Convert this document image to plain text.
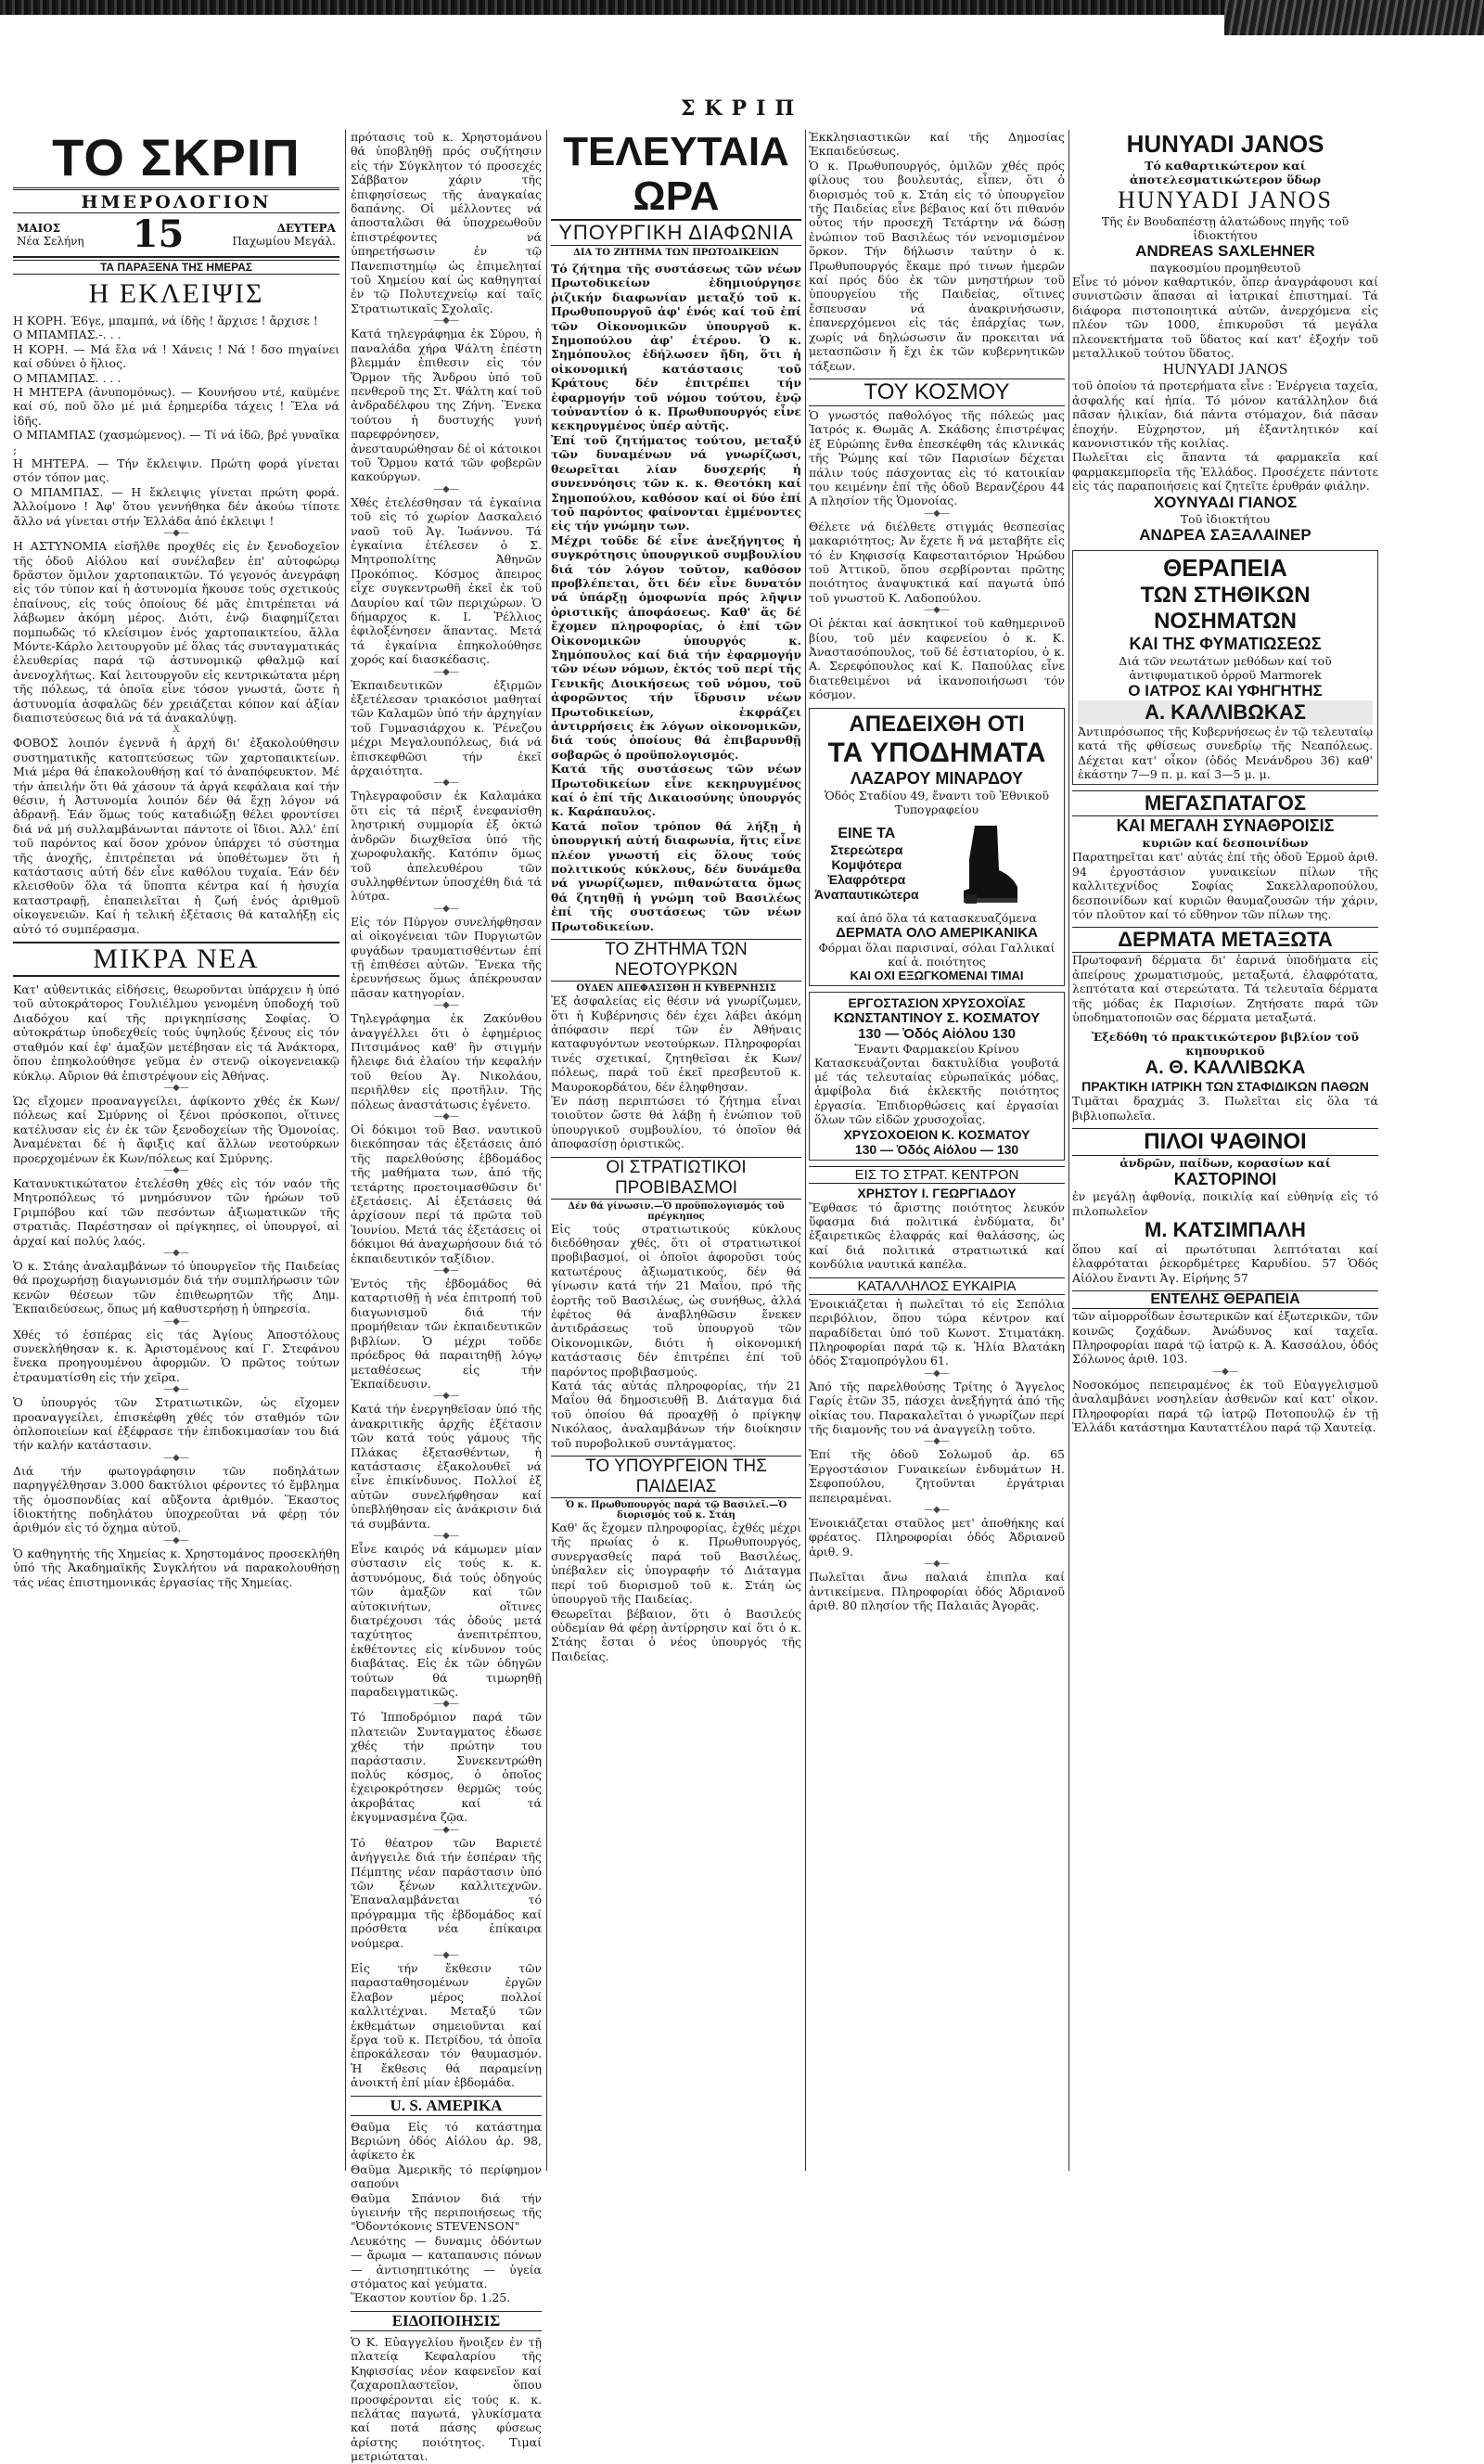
ΣΚΡΙΠ
ΤΟ ΣΚΡΙΠ
ΗΜΕΡΟΛΟΓΙΟΝ
ΜΑΙΟΣ
Νέα Σελήνη 15	ΔΕΥΤΕΡΑ
Παχωμίου Μεγάλ.
ΤΑ ΠΑΡΑΞΕΝΑ ΤΗΣ ΗΜΕΡΑΣ
Η ΕΚΛΕΙΨΙΣ

Η ΚΟΡΗ. Έ6γε, μπαμπά, νά ίδῆς ! ἄρχισε ! ἄρχισε !

Ο ΜΠΑΜΠΑΣ.-. . .

Η ΚΟΡΗ. — Μά ἔλα νά ! Χάνεις ! Νά ! δσο πηγαίνει καί σδύνει ὁ ἥλιος.

Ο ΜΠΑΜΠΑΣ. . . .

Η ΜΗΤΕΡΑ (ἀνυπομόνως). — Κουνήσου ντέ, καϋμένε καί σύ, ποῦ ὅλο μέ μιά ἐρημερίδα τάχεις ! Ἔλα νά ἰδῆς.

Ο ΜΠΑΜΠΑΣ (χασμώμενος). — Τί νά ἰδῶ, βρέ γυναῖκα ;

Η ΜΗΤΕΡΑ. — Τήν ἔκλειψιν. Πρώτη φορά γίνεται στόν τόπον μας.

Ο ΜΠΑΜΠΑΣ. — Η ἔκλειψις γίνεται πρώτη φορά. Ἀλλοίμονο ! Ἀφ' ὅτου γεννήθηκα δέν ἀκούω τίποτε ἄλλο νά γίνεται στήν Ἑλλάδα ἀπό ἐκλειψι !

—◆—

Η ΑΣΤΥΝΟΜΙΑ εἰσῆλθε προχθές εἰς ἐν ξενοδοχεῖον τῆς ὁδοῦ Αἰόλου καί συνέλαβεν ἐπ' αὐτοφώρῳ δρᾶστον ὅμιλον χαρτοπαικτῶν. Τό γεγονός ἀνεγράφη εἰς τόν τύπον καί ἡ ἀστυνομία ἤκουσε τούς σχετικούς ἐπαίνους, εἰς τούς ὁποίους δέ μᾶς ἐπιτρέπεται νά λάβωμεν ἀκόμη μέρος. Διότι, ἐνῷ διαφημίζεται πομπωδῶς τό κλείσιμον ἑνός χαρτοπαικτείου, ἄλλα Μόντε-Κάρλο λειτουργοῦν μέ ὅλας τάς συνταγματικάς ἐλευθερίας παρά τῷ ἀστυνομικῷ φθαλμῷ καί ἀνενοχλήτως. Καί λειτουργοῦν εἰς κεντρικώτατα μέρη τῆς πόλεως, τά ὁποῖα εἶνε τόσον γνωστά, ὥστε ἡ ἀστυνομία ἀσφαλῶς δέν χρειάζεται κόπον καί ἀξίαν διαπιστεύσεως διά νά τά ἀνακαλύψῃ.

X

ΦΟΒΟΣ λοιπόν ἐγεννᾶ ἡ ἀρχή δι' ἐξακολούθησιν συστηματικῆς κατοπτεύσεως τῶν χαρτοπαικτείων. Μιά μέρα θά ἐπακολουθήσῃ καί τό ἀναπόφευκτον. Μέ τήν ἀπειλήν ὅτι θά χάσουν τά ἀργά κεφάλαια καί τήν θέσιν, ἡ Ἀστυνομία λοιπόν δέν θά ἔχῃ λόγον νά ἀδρανῇ. Ἐάν ὅμως τούς καταδιώξῃ θέλει φροντίσει διά νά μή συλλαμβάνωνται πάντοτε οἱ ἴδιοι. Ἀλλ' ἐπί τοῦ παρόντος καί ὅσον χρόνον ὑπάρχει τό σύστημα τῆς ἀνοχῆς, ἐπιτρέπεται νά ὑποθέτωμεν ὅτι ἡ κατάστασις αὐτή δέν εἶνε καθόλου τυχαία. Ἐάν δέν κλεισθοῦν ὅλα τά ὕποπτα κέντρα καί ἡ ἡσυχία καταστραφῇ, ἐπαπειλεῖται ἡ ζωή ἑνός ἀριθμοῦ οἰκογενειῶν. Καί ἡ τελική ἐξέτασις θά καταλήξῃ εἰς αὐτό τό συμπέρασμα.

ΜΙΚΡΑ ΝΕΑ

Κατ' αὐθεντικάς εἰδήσεις, θεωροῦνται ὑπάρχειν ἡ ὑπό τοῦ αὐτοκράτορος Γουλιέλμου γενομένη ὑποδοχή τοῦ Διαδόχου καί τῆς πριγκηπίσσης Σοφίας. Ὁ αὐτοκράτωρ ὑποδεχθείς τούς ὑψηλούς ξένους εἰς τόν σταθμόν καί ἐφ' ἁμαξῶν μετέβησαν εἰς τά Ἀνάκτορα, ὅπου ἐπηκολούθησε γεῦμα ἐν στενῷ οἰκογενειακῷ κύκλῳ. Αὔριον θά ἐπιστρέψουν εἰς Ἀθήνας.

—◆—

Ὡς εἴχομεν προαναγγείλει, ἀφίκοντο χθές ἐκ Κων/πόλεως καί Σμύρνης οἱ ξένοι πρόσκοποι, οἵτινες κατέλυσαν εἰς ἐν ἐκ τῶν ξενοδοχείων τῆς Ὁμονοίας. Ἀναμένεται δέ ἡ ἄφιξις καί ἄλλων νεοτούρκων προερχομένων ἐκ Κων/πόλεως καί Σμύρνης.

—◆—

Κατανυκτικώτατον ἐτελέσθη χθές εἰς τόν ναόν τῆς Μητροπόλεως τό μνημόσυνον τῶν ἡρώων τοῦ Γριμπόβου καί τῶν πεσόντων ἀξιωματικῶν τῆς στρατιᾶς. Παρέστησαν οἱ πρίγκηπες, οἱ ὑπουργοί, αἱ ἀρχαί καί πολύς λαός.

—◆—

Ὁ κ. Στάης ἀναλαμβάνων τό ὑπουργεῖον τῆς Παιδείας θά προχωρήσῃ διαγωνισμόν διά τήν συμπλήρωσιν τῶν κενῶν θέσεων τῶν ἐπιθεωρητῶν τῆς Δημ. Ἐκπαιδεύσεως, ὅπως μή καθυστερήσῃ ἡ ὑπηρεσία.

—◆—

Χθές τό ἑσπέρας εἰς τάς Ἀγίους Ἀποστόλους συνεκλήθησαν κ. κ. Ἀριστομένους καί Γ. Στεφάνου ἕνεκα προηγουμένου ἀφορμῶν. Ὁ πρῶτος τούτων ἐτραυματίσθη εἰς τήν χεῖρα.

—◆—

Ὁ ὑπουργός τῶν Στρατιωτικῶν, ὡς εἴχομεν προαναγγείλει, ἐπισκέφθη χθές τόν σταθμόν τῶν ὁπλοποιείων καί ἐξέφρασε τήν ἐπιδοκιμασίαν του διά τήν καλήν κατάστασιν.

—◆—

Διά τήν φωτογράφησιν τῶν ποδηλάτων παρηγγέλθησαν 3.000 δακτύλιοι φέροντες τό ἔμβλημα τῆς ὁμοσπονδίας καί αὔξοντα ἀριθμόν. Ἕκαστος ἰδιοκτήτης ποδηλάτου ὑποχρεοῦται νά φέρῃ τόν ἀριθμόν εἰς τό ὄχημα αὐτοῦ.

—◆—

Ὁ καθηγητής τῆς Χημείας κ. Χρηστομάνος προσεκλήθη ὑπό τῆς Ἀκαδημαϊκῆς Συγκλήτου νά παρακολουθήσῃ τάς νέας ἐπιστημονικάς ἐργασίας τῆς Χημείας.

πρότασις τοῦ κ. Χρηστομάνου θά ὑποβληθῇ πρός συζήτησιν εἰς τήν Σύγκλητον τό προσεχές Σάββατον χάριν τῆς ἐπιφησίσεως τῆς ἀναγκαίας δαπάνης. Οἱ μέλλοντες νά ἀποσταλῶσι θά ὑποχρεωθοῦν ἐπιστρέφοντες νά ὑπηρετήσωσιν ἐν τῷ Πανεπιστημίῳ ὡς ἐπιμεληταί τοῦ Χημείου καί ὡς καθηγηταί ἐν τῷ Πολυτεχνείῳ καί ταῖς Στρατιωτικαῖς Σχολαῖς.

—◆—

Κατά τηλεγράφημα ἐκ Σύρου, ἡ παναλάδα χήρα Ψάλτη ἐπέστη βλεμμάν ἐπιθεσιν εἰς τόν Ὅρμον τῆς Ἄνδρου ὑπό τοῦ πενθεροῦ της Στ. Ψάλτη καί τοῦ ἀνδραδέλφου της Ζήνη. Ἕνεκα τούτου ἡ δυστυχής γυνή παρεφρόνησεν, ἀνεσταυρώθησαν δέ οἱ κάτοικοι τοῦ Ὅρμου κατά τῶν φοβερῶν κακούργων.

—◆—

Χθές ἐτελέσθησαν τά ἐγκαίνια τοῦ εἰς τό χωρίον Δασκαλειό ναοῦ τοῦ Ἁγ. Ἰωάννου. Τά ἐγκαίνια ἐτέλεσεν ὁ Σ. Μητροπολίτης Ἀθηνῶν Προκόπιος. Κόσμος ἄπειρος εἶχε συγκεντρωθῆ ἐκεῖ ἐκ τοῦ Δαυρίου καί τῶν περιχώρων. Ὁ δήμαρχος κ. Ι. Ῥέλλιος ἐφιλοξένησεν ἅπαντας. Μετά τά ἐγκαίνια ἐπηκολούθησε χορός καί διασκέδασις.

—◆—

Ἐκπαιδευτικῶν ἐξιρμῶν ἐξετέλεσαν τριακόσιοι μαθηταί τῶν Καλαμῶν ὑπό τήν ἀρχηγίαν τοῦ Γυμνασιάρχου κ. Ῥένεζου μέχρι Μεγαλουπόλεως, διά νά ἐπισκεφθῶσι τήν ἐκεῖ ἀρχαιότητα.

—◆—

Τηλεγραφοῦσιν ἐκ Καλαμάκα ὅτι εἰς τά πέριξ ἐνεφανίσθη ληστρική συμμορία ἐξ ὀκτώ ἀνδρῶν διωχθεῖσα ὑπό τῆς χωροφυλακῆς. Κατόπιν ὅμως τοῦ ἀπελευθέρου τῶν συλληφθέντων ὑποσχέθη διά τά λύτρα.

—◆—

Εἰς τόν Πύργον συνελήφθησαν αἱ οἰκογένειαι τῶν Πυργιωτῶν φυγάδων τραυματισθέντων ἐπί τῇ ἐπιθέσει αὐτῶν. Ἕνεκα τῆς ἐρευνήσεως ὅμως ἀπέκρουσαν πᾶσαν κατηγορίαν.

—◆—

Τηλεγράφημα ἐκ Ζακύνθου ἀναγγέλλει ὅτι ὁ ἐφημέριος Πιτσιμάνος καθ' ἣν στιγμήν ἤλειφε διά ἐλαίου τήν κεφαλήν τοῦ θείου Ἁγ. Νικολάου, περιῆλθεν εἰς προτῆλιν. Τῆς πόλεως ἀναστάτωσις ἐγένετο.

—◆—

Οἱ δόκιμοι τοῦ Βασ. ναυτικοῦ διεκόπησαν τάς ἐξετάσεις ἀπό τῆς παρελθούσης ἑβδομάδος τῆς μαθήματα των, ἀπό τῆς τετάρτης προετοιμασθῶσιν δι' ἐξετάσεις. Αἱ ἐξετάσεις θά ἀρχίσουν περί τά πρῶτα τοῦ Ἰουνίου. Μετά τάς ἐξετάσεις οἱ δόκιμοι θά ἀναχωρήσουν διά τό ἐκπαιδευτικόν ταξίδιον.

—◆—

Ἐντός τῆς ἑβδομάδος θά καταρτισθῇ ἡ νέα ἐπιτροπή τοῦ διαγωνισμοῦ διά τήν προμήθειαν τῶν ἐκπαιδευτικῶν βιβλίων. Ὁ μέχρι τοῦδε πρόεδρος θά παραιτηθῇ λόγῳ μεταθέσεως εἰς τήν Ἐκπαίδευσιν.

—◆—

Κατά τήν ἐνεργηθεῖσαν ὑπό τῆς ἀνακριτικῆς ἀρχῆς ἐξέτασιν τῶν κατά τούς γάμους τῆς Πλάκας ἐξετασθέντων, ἡ κατάστασις ἐξακολουθεῖ νά εἶνε ἐπικίνδυνος. Πολλοί ἐξ αὐτῶν συνελήφθησαν καί ὑπεβλήθησαν εἰς ἀνάκρισιν διά τά συμβάντα.

—◆—

Εἶνε καιρός νά κάμωμεν μίαν σύστασιν εἰς τούς κ. κ. ἀστυνόμους, διά τούς ὁδηγούς τῶν ἁμαξῶν καί τῶν αὐτοκινήτων, οἵτινες διατρέχουσι τάς ὁδούς μετά ταχύτητος ἀνεπιτρέπτου, ἐκθέτοντες εἰς κίνδυνον τούς διαβάτας. Εἰς ἐκ τῶν ὁδηγῶν τούτων θά τιμωρηθῇ παραδειγματικῶς.

—◆—

Τό Ἱπποδρόμιον παρά τῶν πλατειῶν Συνταγματος ἐδωσε χθές τήν πρώτην του παράστασιν. Συνεκεντρώθη πολύς κόσμος, ὁ ὁποῖος ἐχειροκρότησεν θερμῶς τούς ἀκροβάτας καί τά ἐκγυμνασμένα ζῷα.

—◆—

Τό θέατρον τῶν Βαριετέ ἀνήγγειλε διά τήν ἑσπέραν τῆς Πέμπτης νέαν παράστασιν ὑπό τῶν ξένων καλλιτεχνῶν. Ἐπαναλαμβάνεται τό πρόγραμμα τῆς ἑβδομάδος καί πρόσθετα νέα ἐπίκαιρα νούμερα.

—◆—

Εἰς τήν ἔκθεσιν τῶν παρασταθησομένων ἐργῶν ἔλαβον μέρος πολλοί καλλιτέχναι. Μεταξύ τῶν ἐκθεμάτων σημειοῦνται καί ἔργα τοῦ κ. Πετρίδου, τά ὁποῖα ἐπροκάλεσαν τόν θαυμασμόν. Ἡ ἔκθεσις θά παραμείνῃ ἀνοικτή ἐπί μίαν ἑβδομάδα.

U. S. ΑΜΕΡΙΚΑ

Θαῦμα Εἰς τό κατάστημα Βεριώνη ὁδός Αἰόλου ἀρ. 98, ἀφίκετο ἐκ

Θαῦμα Ἀμερικῆς τό περίφημον σαπούνι

Θαῦμα Σπάνιον διά τήν ὑγιεινήν τῆς περιποιήσεως τῆς "Ὀδοντόκονις STEVENSON"

Λευκότης — δυναμις ὀδόντων — ἄρωμα — καταπαυσις πόνων — ἀντισηπτικότης — ὑγεία στόματος καί γεύματα.

Ἕκαστον κουτίον δρ. 1.25.

ΕΙΔΟΠΟΙΗΣΙΣ

Ὁ Κ. Εὐαγγελίου ἤνοιξεν ἐν τῇ πλατείᾳ Κεφαλαρίου τῆς Κηφισσίας νέον καφενεῖον καί ζαχαροπλαστεῖον, ὅπου προσφέρονται εἰς τούς κ. κ. πελάτας παγωτά, γλυκίσματα καί ποτά πάσης φύσεως ἀρίστης ποιότητος. Τιμαί μετριώταται.

ΤΕΛΕΥΤΑΙΑ ΩΡΑ
ΥΠΟΥΡΓΙΚΗ ΔΙΑΦΩΝΙΑ
ΔΙΑ ΤΟ ΖΗΤΗΜΑ ΤΩΝ ΠΡΩΤΟΔΙΚΕΙΩΝ

Τό ζήτημα τῆς συστάσεως τῶν νέων Πρωτοδικείων ἐδημιούργησε ῥιζικήν διαφωνίαν μεταξύ τοῦ κ. Πρωθυπουργοῦ ἀφ' ἑνός καί τοῦ ἐπί τῶν Οἰκονομικῶν ὑπουργοῦ κ. Σημοπούλου ἀφ' ἑτέρου. Ὁ κ. Σημόπουλος ἐδήλωσεν ἤδη, ὅτι ἡ οἰκονομική κατάστασις τοῦ Κράτους δέν ἐπιτρέπει τήν ἐφαρμογήν τοῦ νόμου τούτου, ἐνῷ τοὐναντίον ὁ κ. Πρωθυπουργός εἶνε κεκηρυγμένος ὑπέρ αὐτῆς.

Ἐπί τοῦ ζητήματος τούτου, μεταξύ τῶν δυναμένων νά γνωρίζωσι, θεωρεῖται λίαν δυσχερής ἡ συνεννόησις τῶν κ. κ. Θεοτόκη καί Σημοπούλου, καθόσον καί οἱ δύο ἐπί τοῦ παρόντος φαίνονται ἐμμένοντες εἰς τήν γνώμην των.

Μέχρι τοῦδε δέ εἶνε ἀνεξήγητος ἡ συγκρότησις ὑπουργικοῦ συμβουλίου διά τόν λόγον τοῦτον, καθόσον προβλέπεται, ὅτι δέν εἶνε δυνατόν νά ὑπάρξῃ ὁμοφωνία πρός λῆψιν ὁριστικῆς ἀποφάσεως. Καθ' ἅς δέ ἔχομεν πληροφορίας, ὁ ἐπί τῶν Οἰκονομικῶν ὑπουργός κ. Σημόπουλος καί διά τήν ἐφαρμογήν τῶν νέων νόμων, ἐκτός τοῦ περί τῆς Γενικῆς Διοικήσεως τοῦ νόμου, τοῦ ἀφορῶντος τήν ἵδρυσιν νέων Πρωτοδικείων, ἐκφράζει ἀντιρρήσεις ἐκ λόγων οἰκονομικῶν, διά τούς ὁποίους θά ἐπιβαρυνθῇ σοβαρῶς ὁ προϋπολογισμός.

Κατά τῆς συστάσεως τῶν νέων Πρωτοδικείων εἶνε κεκηρυγμένος καί ὁ ἐπί τῆς Δικαιοσύνης ὑπουργός κ. Καράπαυλος.

Κατά ποῖον τρόπον θά λήξῃ ἡ ὑπουργική αὐτή διαφωνία, ἥτις εἶνε πλέον γνωστή εἰς ὅλους τούς πολιτικούς κύκλους, δέν δυνάμεθα νά γνωρίζωμεν, πιθανώτατα ὅμως θά ζητηθῇ ἡ γνώμη τοῦ Βασιλέως ἐπί τῆς συστάσεως τῶν νέων Πρωτοδικείων.

ΤΟ ΖΗΤΗΜΑ ΤΩΝ ΝΕΟΤΟΥΡΚΩΝ
ΟΥΔΕΝ ΑΠΕΦΑΣΙΣΘΗ Η ΚΥΒΕΡΝΗΣΙΣ

Ἐξ ἀσφαλείας εἰς θέσιν νά γνωρίζωμεν, ὅτι ἡ Κυβέρνησις δέν ἐχει λάβει ἀκόμη ἀπόφασιν περί τῶν ἐν Ἀθήναις καταφυγόντων νεοτούρκων. Πληροφορίαι τινές σχετικαί, ζητηθεῖσαι ἐκ Κων/πόλεως, παρά τοῦ ἐκεῖ πρεσβευτοῦ κ. Μαυροκορδάτου, δέν ἐληφθησαν.

Ἐν πάσῃ περιπτώσει τό ζήτημα εἶναι τοιοῦτον ὥστε θά λάβῃ ἡ ἐνώπιον τοῦ ὑπουργικοῦ συμβουλίου, τό ὁποῖον θά ἀποφασίσῃ ὁριστικῶς.

ΟΙ ΣΤΡΑΤΙΩΤΙΚΟΙ ΠΡΟΒΙΒΑΣΜΟΙ
Δέν θά γίνωσιν.—Ὁ προϋπολογισμός τοῦ πρέγκηπος

Εἰς τούς στρατιωτικούς κύκλους διεδόθησαν χθές, ὅτι οἱ στρατιωτικοί προβιβασμοί, οἱ ὁποῖοι ἀφοροῦσι τούς κατωτέρους ἀξιωματικούς, δέν θά γίνωσιν κατά τήν 21 Μαΐου, πρό τῆς ἑορτῆς τοῦ Βασιλέως, ὡς συνήθως, ἀλλά ἐφέτος θά ἀναβληθῶσιν ἕνεκεν ἀντιδράσεως τοῦ ὑπουργοῦ τῶν Οἰκονομικῶν, διότι ἡ οἰκονομική κατάστασις δέν ἐπιτρέπει ἐπί τοῦ παρόντος προβιβασμούς.

Κατά τάς αὐτάς πληροφορίας, τήν 21 Μαΐου θά δημοσιευθῇ Β. Διάταγμα διά τοῦ ὁποίου θά προαχθῇ ὁ πρίγκηψ Νικόλαος, ἀναλαμβάνων τήν διοίκησιν τοῦ πυροβολικοῦ συντάγματος.

ΤΟ ΥΠΟΥΡΓΕΙΟΝ ΤΗΣ ΠΑΙΔΕΙΑΣ
Ὁ κ. Πρωθυπουργός παρά τῷ Βασιλεῖ.—Ὁ διορισμός τοῦ κ. Στάη

Καθ' ἅς ἔχομεν πληροφορίας, ἐχθές μέχρι τῆς πρωίας ὁ κ. Πρωθυπουργός, συνεργασθείς παρά τοῦ Βασιλέως, ὑπέβαλεν εἰς ὑπογραφήν τό Διάταγμα περί τοῦ διορισμοῦ τοῦ κ. Στάη ὡς ὑπουργοῦ τῆς Παιδείας.

Θεωρεῖται βέβαιον, ὅτι ὁ Βασιλεύς οὐδεμίαν θά φέρῃ ἀντίρρησιν καί ὅτι ὁ κ. Στάης ἔσται ὁ νέος ὑπουργός τῆς Παιδείας.

Ἐκκλησιαστικῶν καί τῆς Δημοσίας Ἐκπαιδεύσεως.

Ὁ κ. Πρωθυπουργός, ὁμιλῶν χθές πρός φίλους του βουλευτάς, εἶπεν, ὅτι ὁ διορισμός τοῦ κ. Στάη εἰς τό ὑπουργεῖον τῆς Παιδείας εἶνε βέβαιος καί ὅτι πιθανόν οὗτος τήν προσεχῆ Τετάρτην νά δώσῃ ἐνώπιον τοῦ Βασιλέως τόν νενομισμένον ὅρκον. Τήν δήλωσιν ταύτην ὁ κ. Πρωθυπουργός ἔκαμε πρό τινων ἡμερῶν καί πρός δύο ἐκ τῶν μνηστήρων τοῦ ὑπουργείου τῆς Παιδείας, οἵτινες ἔσπευσαν νά ἀνακρινήσωσιν, ἐπανερχόμενοι εἰς τάς ἐπάρχίας των, χωρίς νά δηλώσωσιν ἄν προκειται νά μετασπῶσιν ἤ ἔχι ἐκ τῶν κυβερνητικῶν τάξεων.

ΤΟΥ ΚΟΣΜΟΥ

Ὁ γνωστός παθολόγος τῆς πόλεώς μας Ἰατρός κ. Θωμᾶς Α. Σκάδσης ἐπιστρέψας ἐξ Εὐρώπης ἔνθα ἐπεσκέφθη τάς κλινικάς τῆς Ῥώμης καί τῶν Παρισίων δέχεται πάλιν τούς πάσχοντας εἰς τό κατοικίαν του κειμένην ἐπί τῆς ὁδοῦ Βερανζέρου 44 Α πλησίον τῆς Ὁμονοίας.

—◆—

Θέλετε νά διέλθετε στιγμάς θεσπεσίας μακαριότητος; Ἀν ἔχετε ἤ νά μεταβῆτε εἰς τό ἐν Κηφισσίᾳ Καφεσταιτόριον Ἡρώδου τοῦ Ἀττικοῦ, ὅπου σερβίρονται πρῶτης ποιότητος ἀναψυκτικά καί παγωτά ὑπό τοῦ γνωστοῦ Κ. Λαδοπούλου.

—◆—

Οἱ ῥέκται καί ἀσκητικοί τοῦ καθημερινοῦ βίου, τοῦ μέν καφενείου ὁ κ. Κ. Ἀναστασόπουλος, τοῦ δέ ἑστιατορίου, ὁ κ. Α. Σερεφόπουλος καί Κ. Παπούλας εἶνε διατεθειμένοι νά ἱκανοποιήσωσι τόν κόσμον.

ΑΠΕΔΕΙΧΘΗ ΟΤΙ
ΤΑ ΥΠΟΔΗΜΑΤΑ
ΛΑΖΑΡΟΥ ΜΙΝΑΡΔΟΥ
Ὁδός Σταδίου 49, ἔναντι τοῦ Ἐθνικοῦ Τυπογραφείου
ΕΙΝΕ ΤΑ
Στερεώτερα
Κομψότερα
Ἐλαφρότερα
Ἀναπαυτικώτερα
καί ἀπό ὅλα τά κατασκευαζόμενα
ΔΕΡΜΑΤΑ ΟΛΟ ΑΜΕΡΙΚΑΝΙΚΑ
Φόρμαι ὅλαι παρισιναί, σόλαι Γαλλικαί καί ἀ. ποιότητος
ΚΑΙ ΟΧΙ ΕΞΩΓΚΟΜΕΝΑΙ ΤΙΜΑΙ
ΕΡΓΟΣΤΑΣΙΟΝ ΧΡΥΣΟΧΟΪΑΣ
ΚΩΝΣΤΑΝΤΙΝΟΥ Σ. ΚΟΣΜΑΤΟΥ
130 — Ὁδός Αἰόλου 130
Ἔναντι Φαρμακείου Κρίνου

Κατασκευάζονται δακτυλίδια γουβοτά μέ τάς τελευταίας εὐρωπαϊκάς μόδας, ἁμφίβολα διά ἐκλεκτῆς ποιότητος ἐργασία. Ἐπιδιορθώσεις καί ἐργασίαι ὅλων τῶν εἰδῶν χρυσοχοΐας.

ΧΡΥΣΟΧΟΕΙΟΝ Κ. ΚΟΣΜΑΤΟΥ
130 — Ὁδός Αἰόλου — 130
ΕΙΣ ΤΟ ΣΤΡΑΤ. ΚΕΝΤΡΟΝ
ΧΡΗΣΤΟΥ Ι. ΓΕΩΡΓΙΑΔΟΥ

Ἔφθασε τό ἄριστης ποιότητος λευκόν ὕφασμα διά πολιτικά ἐνδύματα, δι' ἐξαιρετικῶς ἐλαφράς καί θαλάσσης, ὡς καί διά πολιτικά στρατιωτικά καί κονδύλια ναυτικά καπέλα.

ΚΑΤΑΛΛΗΛΟΣ ΕΥΚΑΙΡΙΑ

Ἐνοικιάζεται ἡ πωλεῖται τό εἰς Σεπόλια περιβόλιον, ὅπου τώρα κέντρον καί παραδίδεται ὑπό τοῦ Κωνστ. Στιματάκη. Πληροφορίαι παρά τῷ κ. Ἠλία Βλατάκη ὁδός Σταμοπρόγλου 61.

—◆—

Ἀπό τῆς παρελθούσης Τρίτης ὁ Ἄγγελος Γαρίς ἐτῶν 35, πάσχει ἀνεξήγητά ἀπό τῆς οἰκίας του. Παρακαλεῖται ὁ γνωρίζων περί τῆς διαμονῆς του νά ἀναγγείλῃ τοῦτο.

—◆—

Ἐπί τῆς ὁδοῦ Σολωμοῦ ἀρ. 65 Ἐργοστάσιον Γυναικείων ἐνδυμάτων Η. Σεφοπούλου, ζητοῦνται ἐργάτριαι πεπειραμέναι.

—◆—

Ἐνοικιάζεται σταῦλος μετ' ἀποθήκης καί φρέατος. Πληροφορίαι ὁδός Ἀδριανοῦ ἀριθ. 9.

—◆—

Πωλεῖται ἄνω παλαιά ἐπιπλα καί ἀντικείμενα. Πληροφορίαι ὁδός Ἀδριανοῦ ἀριθ. 80 πλησίον τῆς Παλαιᾶς Ἀγορᾶς.

HUNYADI JANOS
Τό καθαρτικώτερον καί ἀποτελεσματικώτερον ὕδωρ
HUNYADI JANOS
Τῆς ἐν Βουδαπέστῃ ἁλατώδους πηγῆς τοῦ ἰδιοκτήτου
ANDREAS SAXLEHNER
παγκοσμίου προμηθευτοῦ

Εἶνε τό μόνον καθαρτικόν, ὅπερ ἀναγράφουσι καί συνιστῶσιν ἅπασαι αἱ ἰατρικαί ἐπιστημαί. Τά διάφορα πιστοποιητικά αὐτῶν, ἀνερχόμενα εἰς πλέον τῶν 1000, ἐπικυροῦσι τά μεγάλα πλεονεκτήματα τοῦ ὕδατος καί κατ' ἐξοχήν τοῦ μεταλλικοῦ τούτου ὕδατος.

HUNYADI JANOS

τοῦ ὁποίου τά προτερήματα εἶνε : Ἐνέργεια ταχεῖα, ἀσφαλής καί ἠπία. Τό μόνον κατάλληλον διά πᾶσαν ἡλικίαν, διά πάντα στόμαχον, διά πᾶσαν ἐποχήν. Εὐχρηστον, μή ἐξαντλητικόν καί κανονιστικόν τῆς κοιλίας.

Πωλεῖται εἰς ἅπαντα τά φαρμακεῖα καί φαρμακεμπορεῖα τῆς Ἑλλάδος. Προσέχετε πάντοτε εἰς τάς παραποιήσεις καί ζητεῖτε ἐρυθράν φιάλην.

ΧΟΥΝΥΑΔΙ ΓΙΑΝΟΣ
Τοῦ ἰδιοκτήτου
ΑΝΔΡΕΑ ΣΑΞΑΛΑΙΝΕΡ
ΘΕΡΑΠΕΙΑ
ΤΩΝ ΣΤΗΘΙΚΩΝ ΝΟΣΗΜΑΤΩΝ
ΚΑΙ ΤΗΣ ΦΥΜΑΤΙΩΣΕΩΣ
Διά τῶν νεωτάτων μεθόδων καί τοῦ ἀντιφυματικοῦ ὀρροῦ Marmorek
Ο ΙΑΤΡΟΣ ΚΑΙ ΥΦΗΓΗΤΗΣ
Α. ΚΑΛΛΙΒΩΚΑΣ

Ἀντιπρόσωπος τῆς Κυβερνήσεως ἐν τῷ τελευταίῳ κατά τῆς φθίσεως συνεδρίῳ τῆς Νεαπόλεως. Δέχεται κατ' οἶκον (ὁδός Μενάνδρου 36) καθ' ἑκάστην 7—9 π. μ. καί 3—5 μ. μ.

ΜΕΓΑΣΠΑΤΑΓΟΣ
ΚΑΙ ΜΕΓΑΛΗ ΣΥΝΑΘΡΟΙΣΙΣ
κυριῶν καί δεσποινίδων

Παρατηρεῖται κατ' αὐτάς ἐπί τῆς ὁδοῦ Ἑρμοῦ ἀριθ. 94 ἐργοστάσιον γυναικείων πίλων τῆς καλλιτεχνίδος Σοφίας Σακελλαροπούλου, δεσποινίδων καί κυριῶν θαυμαζουσῶν τήν χάριν, τόν πλοῦτον καί τό εὔθηνον τῶν πίλων της.

ΔΕΡΜΑΤΑ ΜΕΤΑΞΩΤΑ

Πρωτοφανῆ δέρματα δι' ἐαρινά ὑποδήματα εἰς ἀπείρους χρωματισμούς, μεταξωτά, ἐλαφρότατα, λεπτότατα καί στερεώτατα. Τά τελευταῖα δέρματα τῆς μόδας ἐκ Παρισίων. Ζητήσατε παρά τῶν ὑποδηματοποιῶν σας δέρματα μεταξωτά.

Ἐξεδόθη τό πρακτικώτερον βιβλίον τοῦ κηπουρικοῦ
Α. Θ. ΚΑΛΛΙΒΩΚΑ
ΠΡΑΚΤΙΚΗ ΙΑΤΡΙΚΗ ΤΩΝ ΣΤΑΦΙΔΙΚΩΝ ΠΑΘΩΝ

Τιμᾶται δραχμάς 3. Πωλεῖται εἰς ὅλα τά βιβλιοπωλεῖα.

ΠΙΛΟΙ ΨΑΘΙΝΟΙ
ἀνδρῶν, παίδων, κορασίων καί
ΚΑΣΤΟΡΙΝΟΙ

ἐν μεγάλῃ ἀφθονίᾳ, ποικιλίᾳ καί εὐθηνίᾳ εἰς τό πιλοπωλεῖον

Μ. ΚΑΤΣΙΜΠΑΛΗ

ὅπου καί αἱ πρωτότυπαι λεπτόταται καί ἐλαφρόταται ῥεκορδμέτρες Καρυδίου. 57 Ὁδός Αἰόλου ἔναντι Ἁγ. Εἰρήνης 57

ΕΝΤΕΛΗΣ ΘΕΡΑΠΕΙΑ

τῶν αἱμορροΐδων ἐσωτερικῶν καί ἐξωτερικῶν, τῶν κοινῶς ζοχάδων. Ἀνώδυνος καί ταχεῖα. Πληροφορίαι παρά τῷ ἰατρῷ κ. Ἀ. Κασσάλου, ὁδός Σόλωνος ἀριθ. 103.

—◆—

Νοσοκόμος πεπειραμένος ἐκ τοῦ Εὐαγγελισμοῦ ἀναλαμβάνει νοσηλείαν ἀσθενῶν καί κατ' οἶκον. Πληροφορίαι παρά τῷ ἰατρῷ Ποτοπουλῷ ἐν τῇ Ἑλλάδι κατάστημα Καυταττέλου παρά τῷ Χαυτείᾳ.
